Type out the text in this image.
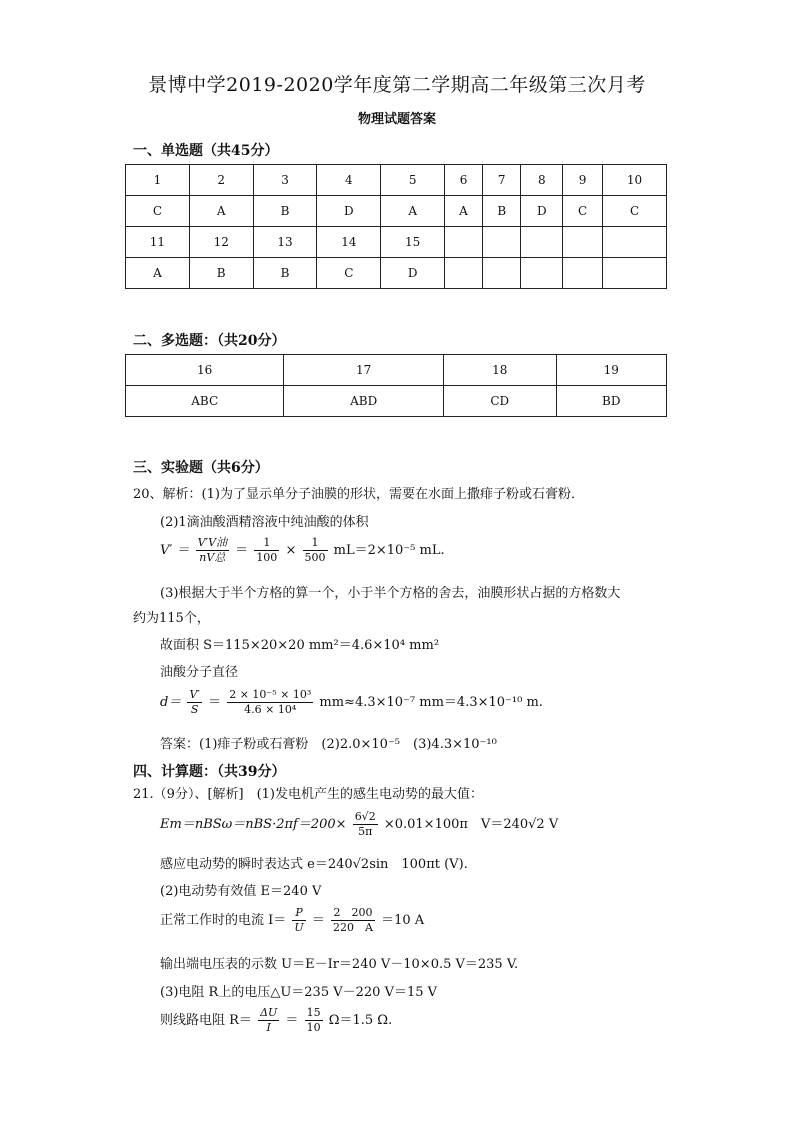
景博中学2019-2020学年度第二学期高二年级第三次月考
物理试题答案
一、单选题（共45分）
1	2	3	4	5	6	7	8	9	10
C	A	B	D	A	A	B	D	C	C
11	12	13	14	15					
A	B	B	C	D					
二、多选题：（共20分）
16	17	18	19
ABC	ABD	CD	BD
三、实验题（共6分）
20、解析：(1)为了显示单分子油膜的形状，需要在水面上撒痱子粉或石膏粉．
(2)1滴油酸酒精溶液中纯油酸的体积
$V' = \frac{\text{V′V油}}{\text{nV总}} = \frac{1}{100} \times \frac{1}{500} mL=2\times 10^{-5}$ mL.
(3)根据大于半个方格的算一个，小于半个方格的舍去，油膜形状占据的方格数大
约为115个，
故面积 S＝115×20×20 mm²＝4.6×10⁴ mm²
油酸分子直径
$d= \frac{V'}{S} = \frac{\text{2 × 10⁻⁵ × 10³}}{\text{4.6 × 10⁴}} mm\approx 4.3\times 10^{-7}$ mm＝4.3×10⁻¹⁰ m.
答案：(1)痱子粉或石膏粉　(2)2.0×10⁻⁵　(3)4.3×10⁻¹⁰
四、计算题：（共39分）
21.（9分）、[解析]　(1)发电机产生的感生电动势的最大值：
$Em=nBS\omega=nBS\cdot 2\pi f=200\times \frac{6√2}{5\pi} \times 0.01\times 100\pi$　V＝240√2 V
感应电动势的瞬时表达式 e＝240√2sin　100πt (V).
(2)电动势有效值 E＝240 V
正常工作时的电流 $I= \frac{P}{U} = \frac{2 200}{220 A} =10$ A
输出端电压表的示数 U＝E－Ir＝240 V－10×0.5 V＝235 V.
(3)电阻 R上的电压△U＝235 V－220 V＝15 V
则线路电阻 $R= \frac{\Delta U}{I} = \frac{15}{10} \Omega=1.5$ Ω.
